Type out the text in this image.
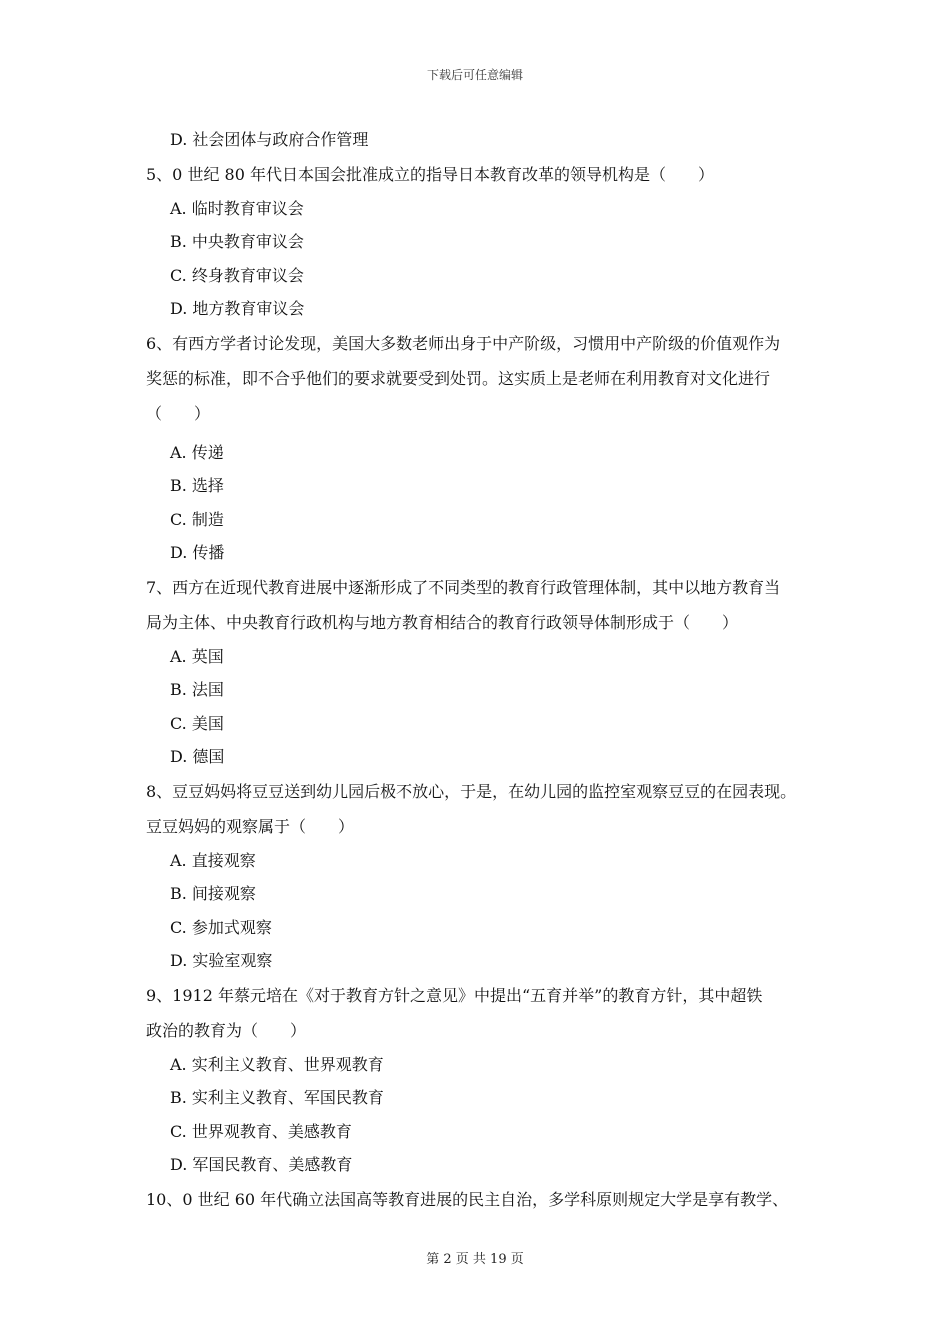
下载后可任意编辑
D. 社会团体与政府合作管理
5、0 世纪 80 年代日本国会批准成立的指导日本教育改革的领导机构是（　　）
A. 临时教育审议会
B. 中央教育审议会
C. 终身教育审议会
D. 地方教育审议会
6、有西方学者讨论发现，美国大多数老师出身于中产阶级，习惯用中产阶级的价值观作为
奖惩的标准，即不合乎他们的要求就要受到处罚。这实质上是老师在利用教育对文化进行
（　　）
A. 传递
B. 选择
C. 制造
D. 传播
7、西方在近现代教育进展中逐渐形成了不同类型的教育行政管理体制，其中以地方教育当
局为主体、中央教育行政机构与地方教育相结合的教育行政领导体制形成于（　　）
A. 英国
B. 法国
C. 美国
D. 德国
8、豆豆妈妈将豆豆送到幼儿园后极不放心，于是，在幼儿园的监控室观察豆豆的在园表现。
豆豆妈妈的观察属于（　　）
A. 直接观察
B. 间接观察
C. 参加式观察
D. 实验室观察
9、1912 年蔡元培在《对于教育方针之意见》中提出“五育并举”的教育方针，其中超铁
政治的教育为（　　）
A. 实利主义教育、世界观教育
B. 实利主义教育、军国民教育
C. 世界观教育、美感教育
D. 军国民教育、美感教育
10、0 世纪 60 年代确立法国高等教育进展的民主自治，多学科原则规定大学是享有教学、
第 2 页 共 19 页
